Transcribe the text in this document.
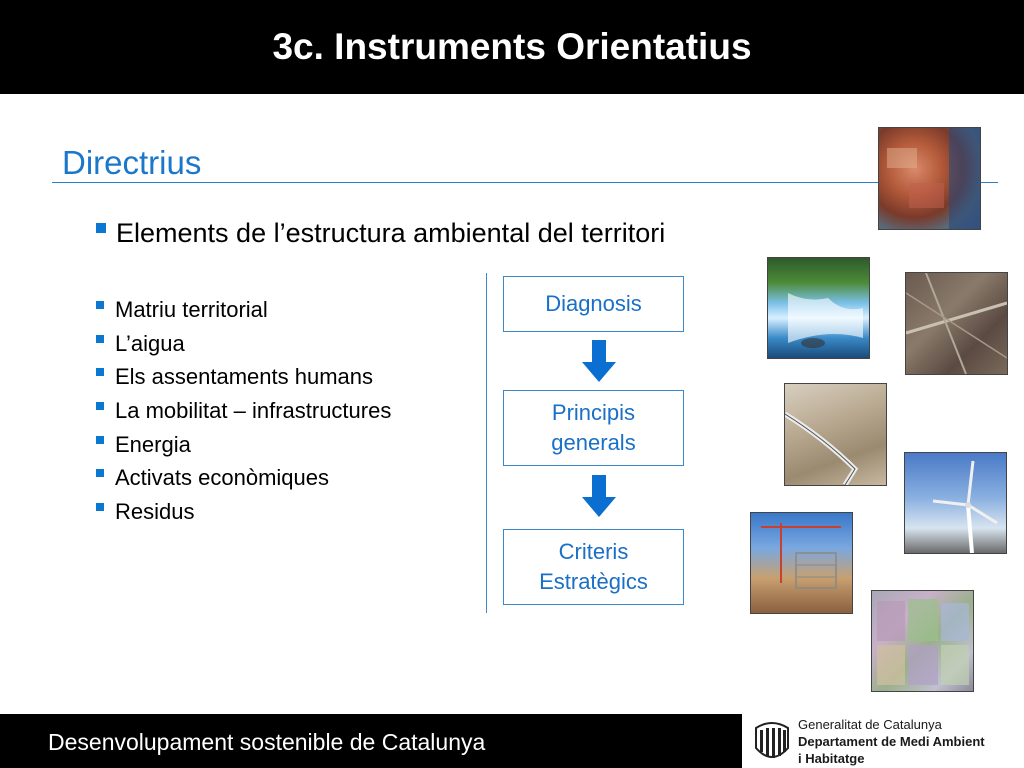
3c. Instruments Orientatius
Directrius
Elements de l’estructura ambiental del territori
Matriu territorial
L’aigua
Els assentaments humans
La mobilitat – infrastructures
Energia
Activats econòmiques
Residus
Diagnosis
Principis
generals
Criteris
Estratègics
Desenvolupament sostenible de Catalunya
Generalitat de Catalunya
Departament de Medi Ambient
i Habitatge
